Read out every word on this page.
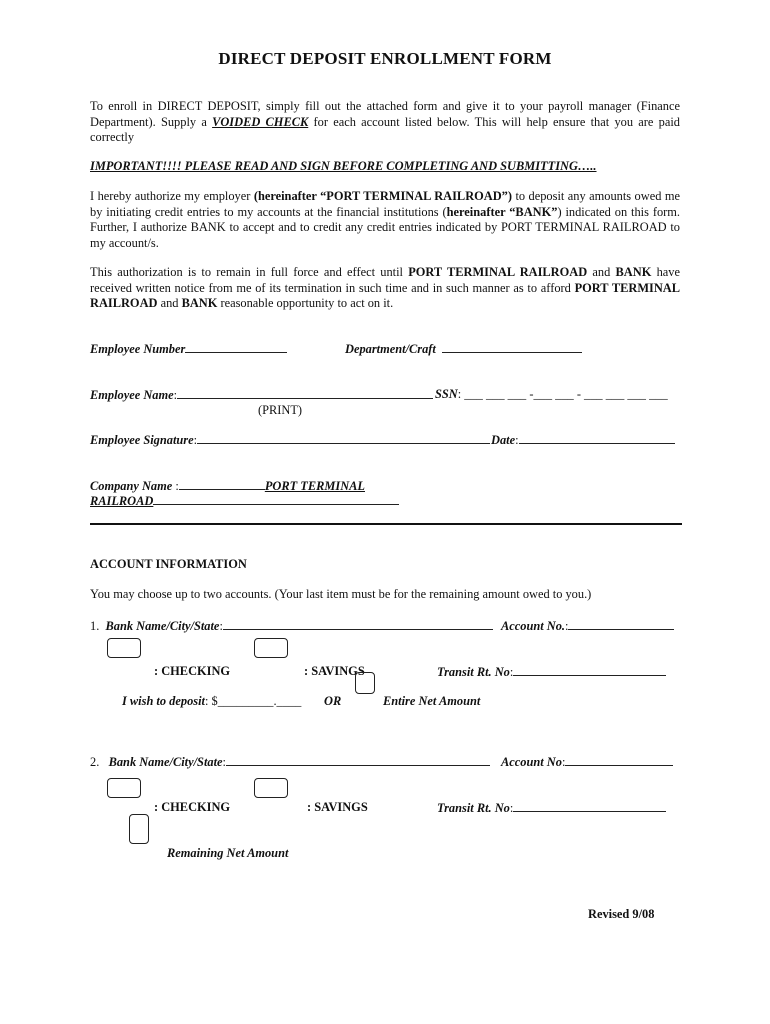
DIRECT DEPOSIT ENROLLMENT FORM
To enroll in DIRECT DEPOSIT, simply fill out the attached form and give it to your payroll manager (Finance Department). Supply a VOIDED CHECK for each account listed below. This will help ensure that you are paid correctly
IMPORTANT!!!! PLEASE READ AND SIGN BEFORE COMPLETING AND SUBMITTING…..
I hereby authorize my employer (hereinafter “PORT TERMINAL RAILROAD”) to deposit any amounts owed me by initiating credit entries to my accounts at the financial institutions (hereinafter “BANK”) indicated on this form. Further, I authorize BANK to accept and to credit any credit entries indicated by PORT TERMINAL RAILROAD to my account/s.
This authorization is to remain in full force and effect until PORT TERMINAL RAILROAD and BANK have received written notice from me of its termination in such time and in such manner as to afford PORT TERMINAL RAILROAD and BANK reasonable opportunity to act on it.
Employee Number	Department/Craft
Employee Name:	SSN: ___ ___ ___ -___ ___ - ___ ___ ___ ___
(PRINT)
Employee Signature:	Date:
Company Name :	PORT TERMINAL
RAILROAD
ACCOUNT INFORMATION
You may choose up to two accounts. (Your last item must be for the remaining amount owed to you.)
1. Bank Name/City/State:	Account No.:
: CHECKING	: SAVINGS	Transit Rt. No:
I wish to deposit: $_________.____ OR	Entire Net Amount
2. Bank Name/City/State:	Account No:
: CHECKING	: SAVINGS	Transit Rt. No:
Remaining Net Amount
Revised 9/08
